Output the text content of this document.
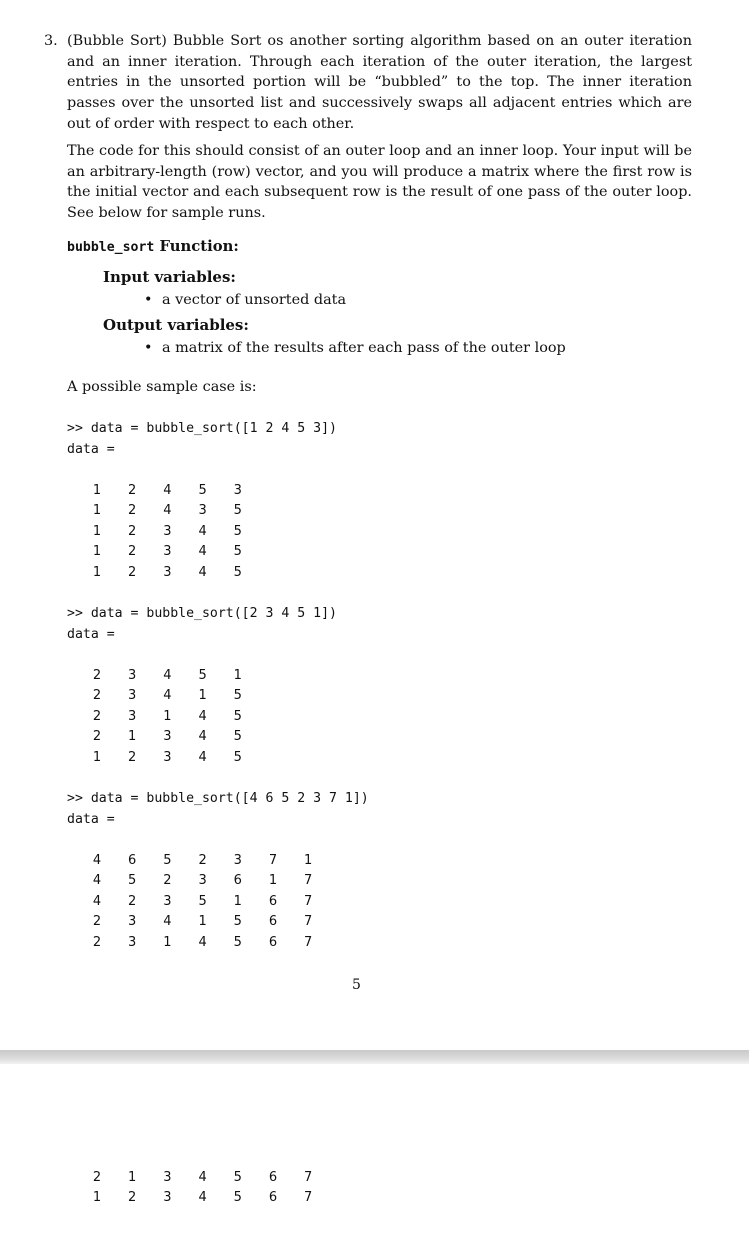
3. (Bubble Sort) Bubble Sort os another sorting algorithm based on an outer iteration and an inner iteration. Through each iteration of the outer iteration, the largest entries in the unsorted portion will be “bubbled” to the top. The inner iteration passes over the unsorted list and successively swaps all adjacent entries which are out of order with respect to each other.

The code for this should consist of an outer loop and an inner loop. Your input will be an arbitrary-length (row) vector, and you will produce a matrix where the first row is the initial vector and each subsequent row is the result of one pass of the outer loop. See below for sample runs.

bubble_sort Function:
Input variables:
• a vector of unsorted data
Output variables:
• a matrix of the results after each pass of the outer loop
A possible sample case is:
>> data = bubble_sort([1 2 4 5 3])
data =
1	2	4	5	3
1	2	4	3	5
1	2	3	4	5
1	2	3	4	5
1	2	3	4	5
>> data = bubble_sort([2 3 4 5 1])
data =
2	3	4	5	1
2	3	4	1	5
2	3	1	4	5
2	1	3	4	5
1	2	3	4	5
>> data = bubble_sort([4 6 5 2 3 7 1])
data =
4	6	5	2	3	7	1
4	5	2	3	6	1	7
4	2	3	5	1	6	7
2	3	4	1	5	6	7
2	3	1	4	5	6	7
5
2	1	3	4	5	6	7
1	2	3	4	5	6	7
